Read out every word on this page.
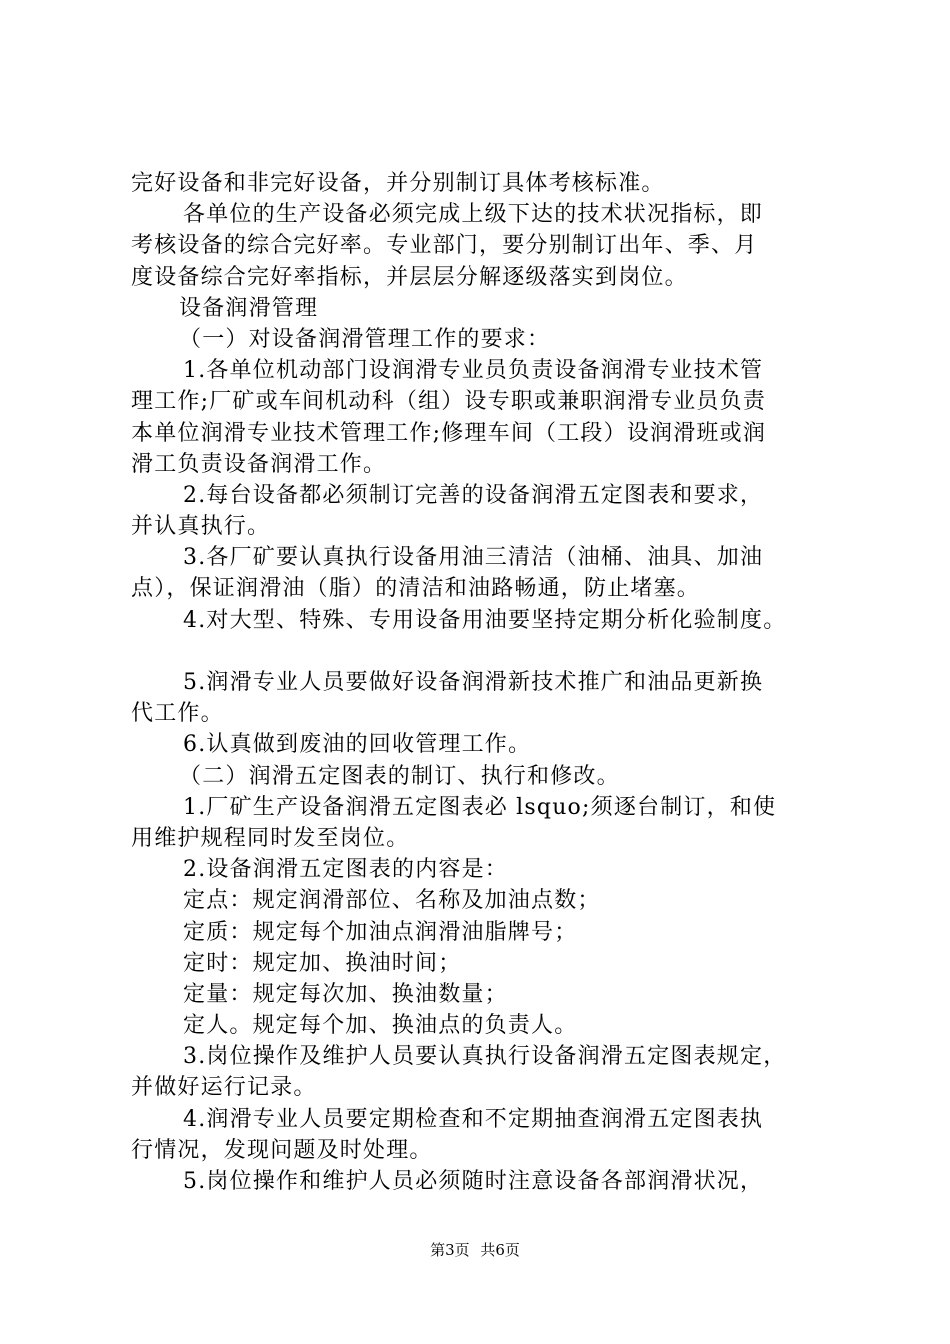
完好设备和非完好设备，并分别制订具体考核标准。
各单位的生产设备必须完成上级下达的技术状况指标，即
考核设备的综合完好率。专业部门，要分别制订出年、季、月
度设备综合完好率指标，并层层分解逐级落实到岗位。
设备润滑管理
（一）对设备润滑管理工作的要求：
1.各单位机动部门设润滑专业员负责设备润滑专业技术管
理工作;厂矿或车间机动科（组）设专职或兼职润滑专业员负责
本单位润滑专业技术管理工作;修理车间（工段）设润滑班或润
滑工负责设备润滑工作。
2.每台设备都必须制订完善的设备润滑五定图表和要求，
并认真执行。
3.各厂矿要认真执行设备用油三清洁（油桶、油具、加油
点），保证润滑油（脂）的清洁和油路畅通，防止堵塞。
4.对大型、特殊、专用设备用油要坚持定期分析化验制度。
5.润滑专业人员要做好设备润滑新技术推广和油品更新换
代工作。
6.认真做到废油的回收管理工作。
（二）润滑五定图表的制订、执行和修改。
1.厂矿生产设备润滑五定图表必 lsquo;须逐台制订，和使
用维护规程同时发至岗位。
2.设备润滑五定图表的内容是：
定点：规定润滑部位、名称及加油点数；
定质：规定每个加油点润滑油脂牌号；
定时：规定加、换油时间；
定量：规定每次加、换油数量；
定人。规定每个加、换油点的负责人。
3.岗位操作及维护人员要认真执行设备润滑五定图表规定，
并做好运行记录。
4.润滑专业人员要定期检查和不定期抽查润滑五定图表执
行情况，发现问题及时处理。
5.岗位操作和维护人员必须随时注意设备各部润滑状况，
第3页 共6页
